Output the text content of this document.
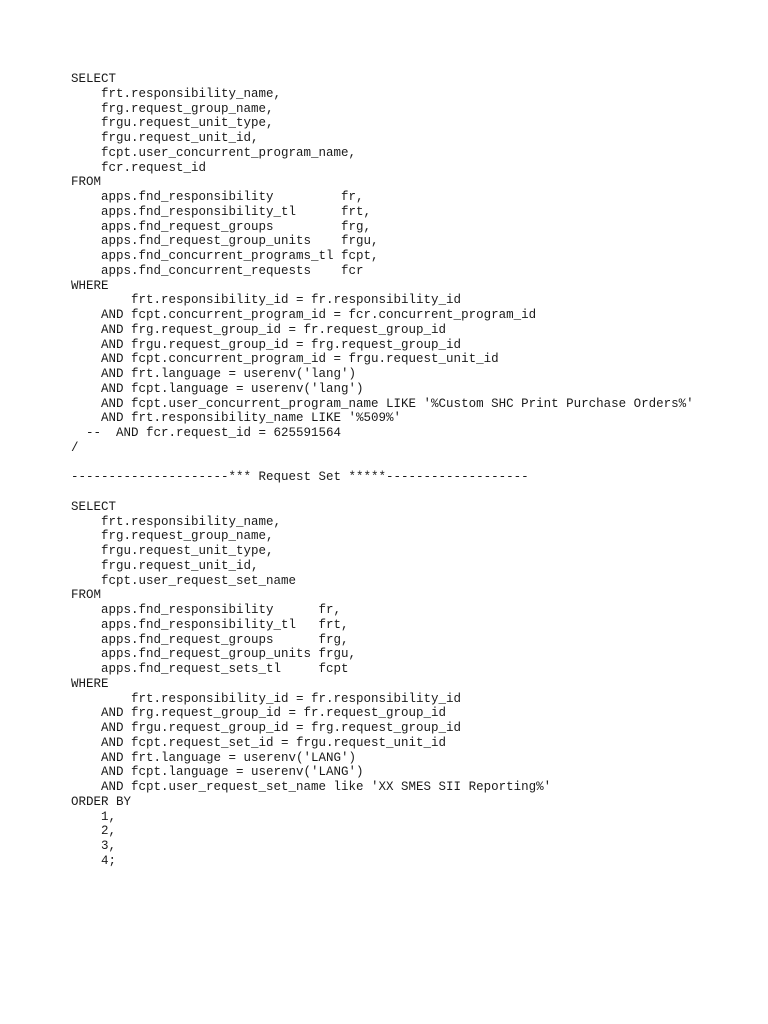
SELECT
frt.responsibility_name,
frg.request_group_name,
frgu.request_unit_type,
frgu.request_unit_id,
fcpt.user_concurrent_program_name,
fcr.request_id
FROM
apps.fnd_responsibility         fr,
apps.fnd_responsibility_tl      frt,
apps.fnd_request_groups         frg,
apps.fnd_request_group_units    frgu,
apps.fnd_concurrent_programs_tl fcpt,
apps.fnd_concurrent_requests    fcr
WHERE
frt.responsibility_id = fr.responsibility_id
AND fcpt.concurrent_program_id = fcr.concurrent_program_id
AND frg.request_group_id = fr.request_group_id
AND frgu.request_group_id = frg.request_group_id
AND fcpt.concurrent_program_id = frgu.request_unit_id
AND frt.language = userenv('lang')
AND fcpt.language = userenv('lang')
AND fcpt.user_concurrent_program_name LIKE '%Custom SHC Print Purchase Orders%'
AND frt.responsibility_name LIKE '%509%'
--  AND fcr.request_id = 625591564
/
---------------------*** Request Set *****-------------------
SELECT
frt.responsibility_name,
frg.request_group_name,
frgu.request_unit_type,
frgu.request_unit_id,
fcpt.user_request_set_name
FROM
apps.fnd_responsibility      fr,
apps.fnd_responsibility_tl   frt,
apps.fnd_request_groups      frg,
apps.fnd_request_group_units frgu,
apps.fnd_request_sets_tl     fcpt
WHERE
frt.responsibility_id = fr.responsibility_id
AND frg.request_group_id = fr.request_group_id
AND frgu.request_group_id = frg.request_group_id
AND fcpt.request_set_id = frgu.request_unit_id
AND frt.language = userenv('LANG')
AND fcpt.language = userenv('LANG')
AND fcpt.user_request_set_name like 'XX SMES SII Reporting%'
ORDER BY
1,
2,
3,
4;
